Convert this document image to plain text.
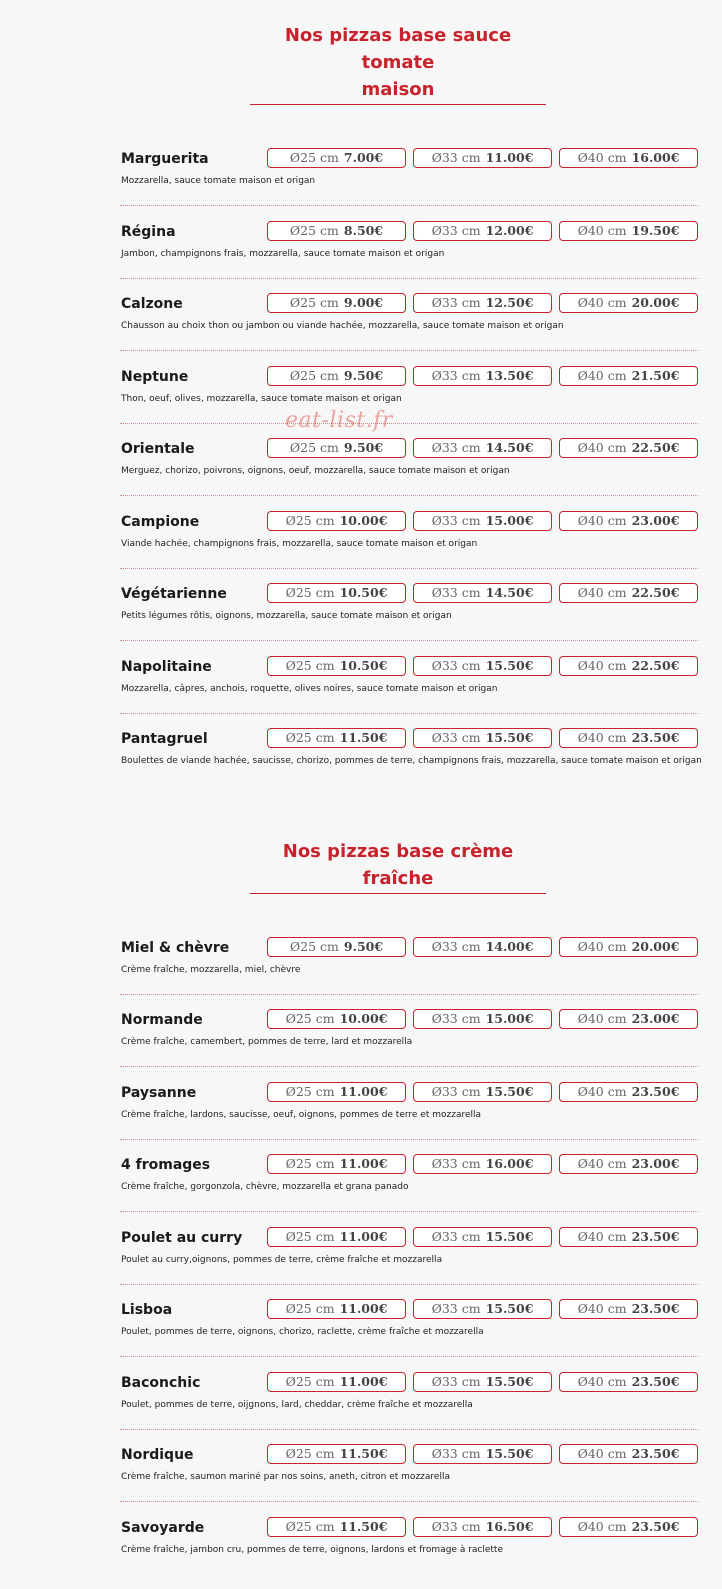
Nos pizzas base sauce tomate
maison
Marguerita	Ø25 cm 7.00€	Ø33 cm 11.00€	Ø40 cm 16.00€
Mozzarella, sauce tomate maison et origan
Régina	Ø25 cm 8.50€	Ø33 cm 12.00€	Ø40 cm 19.50€
Jambon, champignons frais, mozzarella, sauce tomate maison et origan
Calzone	Ø25 cm 9.00€	Ø33 cm 12.50€	Ø40 cm 20.00€
Chausson au choix thon ou jambon ou viande hachée, mozzarella, sauce tomate maison et origan
Neptune	Ø25 cm 9.50€	Ø33 cm 13.50€	Ø40 cm 21.50€
Thon, oeuf, olives, mozzarella, sauce tomate maison et origan
Orientale	Ø25 cm 9.50€	Ø33 cm 14.50€	Ø40 cm 22.50€
Merguez, chorizo, poivrons, oignons, oeuf, mozzarella, sauce tomate maison et origan
Campione	Ø25 cm 10.00€	Ø33 cm 15.00€	Ø40 cm 23.00€
Viande hachée, champignons frais, mozzarella, sauce tomate maison et origan
Végétarienne	Ø25 cm 10.50€	Ø33 cm 14.50€	Ø40 cm 22.50€
Petits légumes rôtis, oignons, mozzarella, sauce tomate maison et origan
Napolitaine	Ø25 cm 10.50€	Ø33 cm 15.50€	Ø40 cm 22.50€
Mozzarella, câpres, anchois, roquette, olives noires, sauce tomate maison et origan
Pantagruel	Ø25 cm 11.50€	Ø33 cm 15.50€	Ø40 cm 23.50€
Boulettes de viande hachée, saucisse, chorizo, pommes de terre, champignons frais, mozzarella, sauce tomate maison et origan
Nos pizzas base crème fraîche
Miel & chèvre	Ø25 cm 9.50€	Ø33 cm 14.00€	Ø40 cm 20.00€
Crème fraîche, mozzarella, miel, chèvre
Normande	Ø25 cm 10.00€	Ø33 cm 15.00€	Ø40 cm 23.00€
Crème fraîche, camembert, pommes de terre, lard et mozzarella
Paysanne	Ø25 cm 11.00€	Ø33 cm 15.50€	Ø40 cm 23.50€
Crème fraîche, lardons, saucisse, oeuf, oignons, pommes de terre et mozzarella
4 fromages	Ø25 cm 11.00€	Ø33 cm 16.00€	Ø40 cm 23.00€
Crème fraîche, gorgonzola, chèvre, mozzarella et grana panado
Poulet au curry	Ø25 cm 11.00€	Ø33 cm 15.50€	Ø40 cm 23.50€
Poulet au curry,oignons, pommes de terre, crème fraîche et mozzarella
Lisboa	Ø25 cm 11.00€	Ø33 cm 15.50€	Ø40 cm 23.50€
Poulet, pommes de terre, oignons, chorizo, raclette, crème fraîche et mozzarella
Baconchic	Ø25 cm 11.00€	Ø33 cm 15.50€	Ø40 cm 23.50€
Poulet, pommes de terre, oijgnons, lard, cheddar, crème fraîche et mozzarella
Nordique	Ø25 cm 11.50€	Ø33 cm 15.50€	Ø40 cm 23.50€
Crème fraîche, saumon mariné par nos soins, aneth, citron et mozzarella
Savoyarde	Ø25 cm 11.50€	Ø33 cm 16.50€	Ø40 cm 23.50€
Crème fraîche, jambon cru, pommes de terre, oignons, lardons et fromage à raclette
eat-list.fr
